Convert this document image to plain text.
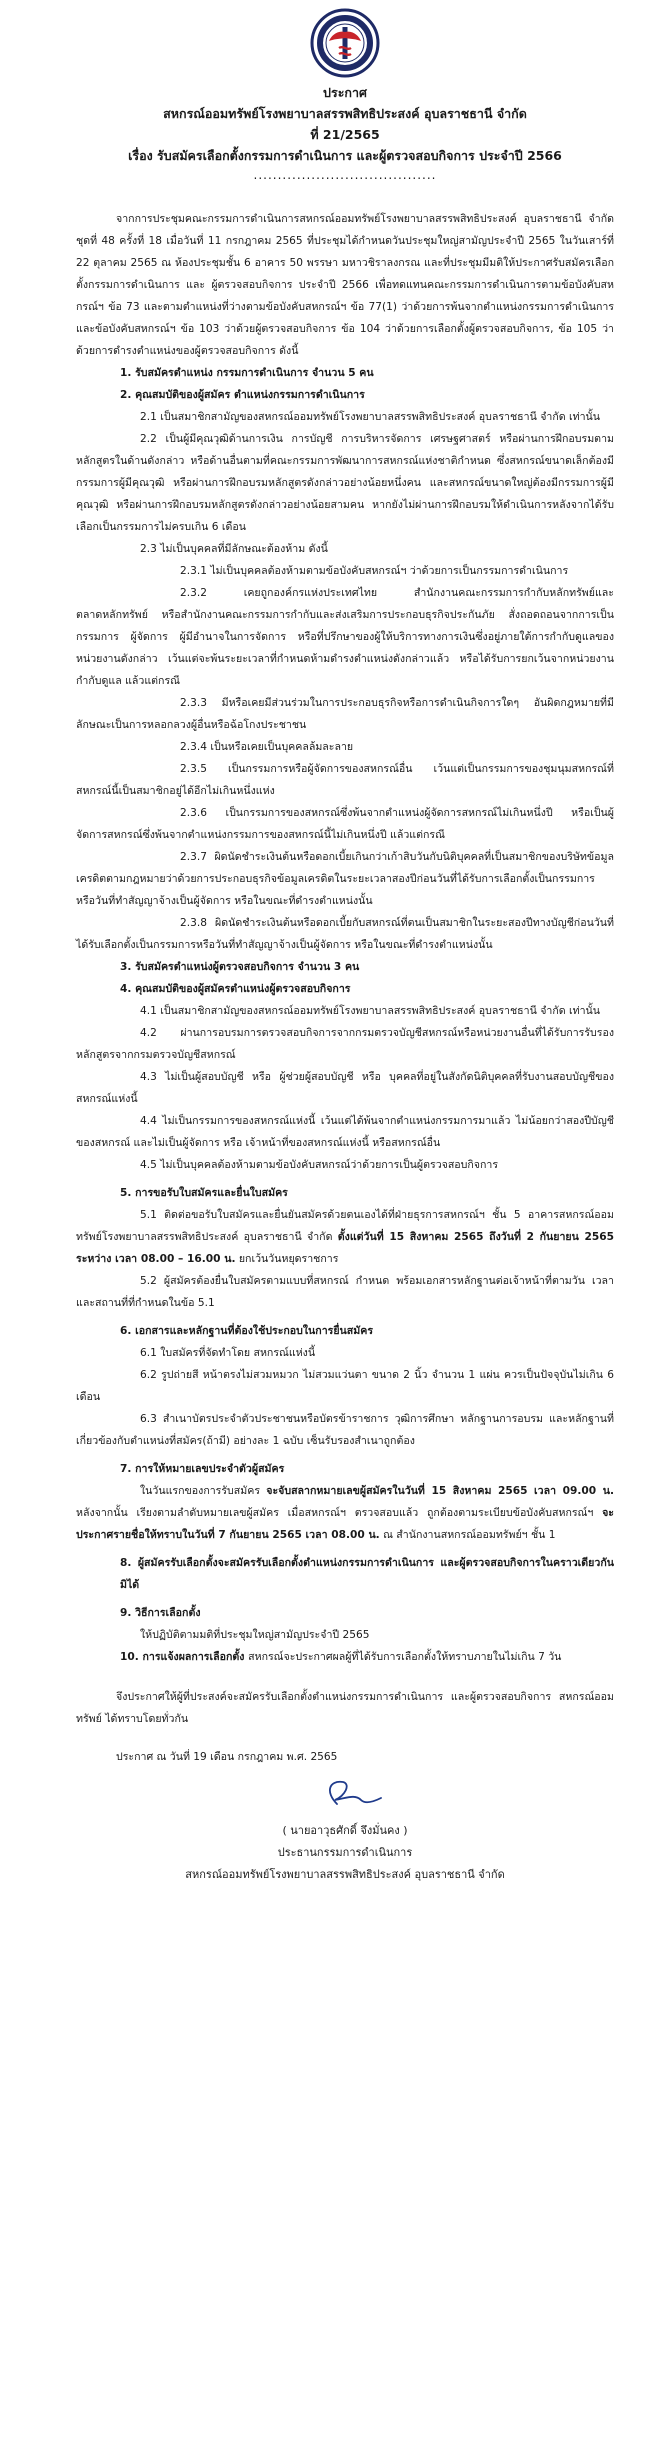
ประกาศ
สหกรณ์ออมทรัพย์โรงพยาบาลสรรพสิทธิประสงค์ อุบลราชธานี จำกัด
ที่ 21/2565
เรื่อง รับสมัครเลือกตั้งกรรมการดำเนินการ และผู้ตรวจสอบกิจการ ประจำปี 2566
......................................

จากการประชุมคณะกรรมการดำเนินการสหกรณ์ออมทรัพย์โรงพยาบาลสรรพสิทธิประสงค์ อุบลราชธานี จำกัด ชุดที่ 48 ครั้งที่ 18 เมื่อวันที่ 11 กรกฎาคม 2565 ที่ประชุมได้กำหนดวันประชุมใหญ่สามัญประจำปี 2565 ในวันเสาร์ที่ 22 ตุลาคม 2565 ณ ห้องประชุมชั้น 6 อาคาร 50 พรรษา มหาวชิราลงกรณ และที่ประชุมมีมติให้ประกาศรับสมัครเลือกตั้งกรรมการดำเนินการ และ ผู้ตรวจสอบกิจการ ประจำปี 2566 เพื่อทดแทนคณะกรรมการดำเนินการตามข้อบังคับสหกรณ์ฯ ข้อ 73 และตามตำแหน่งที่ว่างตามข้อบังคับสหกรณ์ฯ ข้อ 77(1) ว่าด้วยการพ้นจากตำแหน่งกรรมการดำเนินการ และข้อบังคับสหกรณ์ฯ ข้อ 103 ว่าด้วยผู้ตรวจสอบกิจการ ข้อ 104 ว่าด้วยการเลือกตั้งผู้ตรวจสอบกิจการ, ข้อ 105 ว่าด้วยการดำรงตำแหน่งของผู้ตรวจสอบกิจการ ดังนี้

1. รับสมัครตำแหน่ง กรรมการดำเนินการ จำนวน 5 คน

2. คุณสมบัติของผู้สมัคร ตำแหน่งกรรมการดำเนินการ

2.1 เป็นสมาชิกสามัญของสหกรณ์ออมทรัพย์โรงพยาบาลสรรพสิทธิประสงค์ อุบลราชธานี จำกัด เท่านั้น

2.2 เป็นผู้มีคุณวุฒิด้านการเงิน การบัญชี การบริหารจัดการ เศรษฐศาสตร์ หรือผ่านการฝึกอบรมตามหลักสูตรในด้านดังกล่าว หรือด้านอื่นตามที่คณะกรรมการพัฒนาการสหกรณ์แห่งชาติกำหนด ซึ่งสหกรณ์ขนาดเล็กต้องมีกรรมการผู้มีคุณวุฒิ หรือผ่านการฝึกอบรมหลักสูตรดังกล่าวอย่างน้อยหนึ่งคน และสหกรณ์ขนาดใหญ่ต้องมีกรรมการผู้มีคุณวุฒิ หรือผ่านการฝึกอบรมหลักสูตรดังกล่าวอย่างน้อยสามคน หากยังไม่ผ่านการฝึกอบรมให้ดำเนินการหลังจากได้รับเลือกเป็นกรรมการไม่ครบเกิน 6 เดือน

2.3 ไม่เป็นบุคคลที่มีลักษณะต้องห้าม ดังนี้

2.3.1 ไม่เป็นบุคคลต้องห้ามตามข้อบังคับสหกรณ์ฯ ว่าด้วยการเป็นกรรมการดำเนินการ

2.3.2 เคยถูกองค์กรแห่งประเทศไทย สำนักงานคณะกรรมการกำกับหลักทรัพย์และตลาดหลักทรัพย์ หรือสำนักงานคณะกรรมการกำกับและส่งเสริมการประกอบธุรกิจประกันภัย สั่งถอดถอนจากการเป็นกรรมการ ผู้จัดการ ผู้มีอำนาจในการจัดการ หรือที่ปรึกษาของผู้ให้บริการทางการเงินซึ่งอยู่ภายใต้การกำกับดูแลของหน่วยงานดังกล่าว เว้นแต่จะพ้นระยะเวลาที่กำหนดห้ามดำรงตำแหน่งดังกล่าวแล้ว หรือได้รับการยกเว้นจากหน่วยงานกำกับดูแล แล้วแต่กรณี

2.3.3 มีหรือเคยมีส่วนร่วมในการประกอบธุรกิจหรือการดำเนินกิจการใดๆ อันผิดกฎหมายที่มีลักษณะเป็นการหลอกลวงผู้อื่นหรือฉ้อโกงประชาชน

2.3.4 เป็นหรือเคยเป็นบุคคลล้มละลาย

2.3.5 เป็นกรรมการหรือผู้จัดการของสหกรณ์อื่น เว้นแต่เป็นกรรมการของชุมนุมสหกรณ์ที่สหกรณ์นี้เป็นสมาชิกอยู่ได้อีกไม่เกินหนึ่งแห่ง

2.3.6 เป็นกรรมการของสหกรณ์ซึ่งพ้นจากตำแหน่งผู้จัดการสหกรณ์ไม่เกินหนึ่งปี หรือเป็นผู้จัดการสหกรณ์ซึ่งพ้นจากตำแหน่งกรรมการของสหกรณ์นี้ไม่เกินหนึ่งปี แล้วแต่กรณี

2.3.7 ผิดนัดชำระเงินต้นหรือดอกเบี้ยเกินกว่าเก้าสิบวันกับนิติบุคคลที่เป็นสมาชิกของบริษัทข้อมูลเครดิตตามกฎหมายว่าด้วยการประกอบธุรกิจข้อมูลเครดิตในระยะเวลาสองปีก่อนวันที่ได้รับการเลือกตั้งเป็นกรรมการ หรือวันที่ทำสัญญาจ้างเป็นผู้จัดการ หรือในขณะที่ดำรงตำแหน่งนั้น

2.3.8 ผิดนัดชำระเงินต้นหรือดอกเบี้ยกับสหกรณ์ที่ตนเป็นสมาชิกในระยะสองปีทางบัญชีก่อนวันที่ได้รับเลือกตั้งเป็นกรรมการหรือวันที่ทำสัญญาจ้างเป็นผู้จัดการ หรือในขณะที่ดำรงตำแหน่งนั้น

3. รับสมัครตำแหน่งผู้ตรวจสอบกิจการ จำนวน 3 คน

4. คุณสมบัติของผู้สมัครตำแหน่งผู้ตรวจสอบกิจการ

4.1 เป็นสมาชิกสามัญของสหกรณ์ออมทรัพย์โรงพยาบาลสรรพสิทธิประสงค์ อุบลราชธานี จำกัด เท่านั้น

4.2 ผ่านการอบรมการตรวจสอบกิจการจากกรมตรวจบัญชีสหกรณ์หรือหน่วยงานอื่นที่ได้รับการรับรองหลักสูตรจากกรมตรวจบัญชีสหกรณ์

4.3 ไม่เป็นผู้สอบบัญชี หรือ ผู้ช่วยผู้สอบบัญชี หรือ บุคคลที่อยู่ในสังกัดนิติบุคคลที่รับงานสอบบัญชีของสหกรณ์แห่งนี้

4.4 ไม่เป็นกรรมการของสหกรณ์แห่งนี้ เว้นแต่ได้พ้นจากตำแหน่งกรรมการมาแล้ว ไม่น้อยกว่าสองปีบัญชีของสหกรณ์ และไม่เป็นผู้จัดการ หรือ เจ้าหน้าที่ของสหกรณ์แห่งนี้ หรือสหกรณ์อื่น

4.5 ไม่เป็นบุคคลต้องห้ามตามข้อบังคับสหกรณ์ว่าด้วยการเป็นผู้ตรวจสอบกิจการ

5. การขอรับใบสมัครและยื่นใบสมัคร

5.1 ติดต่อขอรับใบสมัครและยื่นยันสมัครด้วยตนเองได้ที่ฝ่ายธุรการสหกรณ์ฯ ชั้น 5 อาคารสหกรณ์ออมทรัพย์โรงพยาบาลสรรพสิทธิประสงค์ อุบลราชธานี จำกัด ตั้งแต่วันที่ 15 สิงหาคม 2565 ถึงวันที่ 2 กันยายน 2565 ระหว่าง เวลา 08.00 – 16.00 น. ยกเว้นวันหยุดราชการ

5.2 ผู้สมัครต้องยื่นใบสมัครตามแบบที่สหกรณ์ กำหนด พร้อมเอกสารหลักฐานต่อเจ้าหน้าที่ตามวัน เวลา และสถานที่ที่กำหนดในข้อ 5.1

6. เอกสารและหลักฐานที่ต้องใช้ประกอบในการยื่นสมัคร

6.1 ใบสมัครที่จัดทำโดย สหกรณ์แห่งนี้

6.2 รูปถ่ายสี หน้าตรงไม่สวมหมวก ไม่สวมแว่นตา ขนาด 2 นิ้ว จำนวน 1 แผ่น ควรเป็นปัจจุบันไม่เกิน 6 เดือน

6.3 สำเนาบัตรประจำตัวประชาชนหรือบัตรข้าราชการ วุฒิการศึกษา หลักฐานการอบรม และหลักฐานที่เกี่ยวข้องกับตำแหน่งที่สมัคร(ถ้ามี) อย่างละ 1 ฉบับ เซ็นรับรองสำเนาถูกต้อง

7. การให้หมายเลขประจำตัวผู้สมัคร

ในวันแรกของการรับสมัคร จะจับสลากหมายเลขผู้สมัครในวันที่ 15 สิงหาคม 2565 เวลา 09.00 น. หลังจากนั้น เรียงตามลำดับหมายเลขผู้สมัคร เมื่อสหกรณ์ฯ ตรวจสอบแล้ว ถูกต้องตามระเบียบข้อบังคับสหกรณ์ฯ จะประกาศรายชื่อให้ทราบในวันที่ 7 กันยายน 2565 เวลา 08.00 น. ณ สำนักงานสหกรณ์ออมทรัพย์ฯ ชั้น 1

8. ผู้สมัครรับเลือกตั้งจะสมัครรับเลือกตั้งตำแหน่งกรรมการดำเนินการ และผู้ตรวจสอบกิจการในคราวเดียวกันมิได้

9. วิธีการเลือกตั้ง

ให้ปฏิบัติตามมติที่ประชุมใหญ่สามัญประจำปี 2565

10. การแจ้งผลการเลือกตั้ง สหกรณ์จะประกาศผลผู้ที่ได้รับการเลือกตั้งให้ทราบภายในไม่เกิน 7 วัน

จึงประกาศให้ผู้ที่ประสงค์จะสมัครรับเลือกตั้งตำแหน่งกรรมการดำเนินการ และผู้ตรวจสอบกิจการ สหกรณ์ออมทรัพย์ ได้ทราบโดยทั่วกัน

ประกาศ ณ วันที่ 19 เดือน กรกฎาคม พ.ศ. 2565

( นายอาวุธศักดิ์ จึงมั่นคง )
ประธานกรรมการดำเนินการ
สหกรณ์ออมทรัพย์โรงพยาบาลสรรพสิทธิประสงค์ อุบลราชธานี จำกัด
